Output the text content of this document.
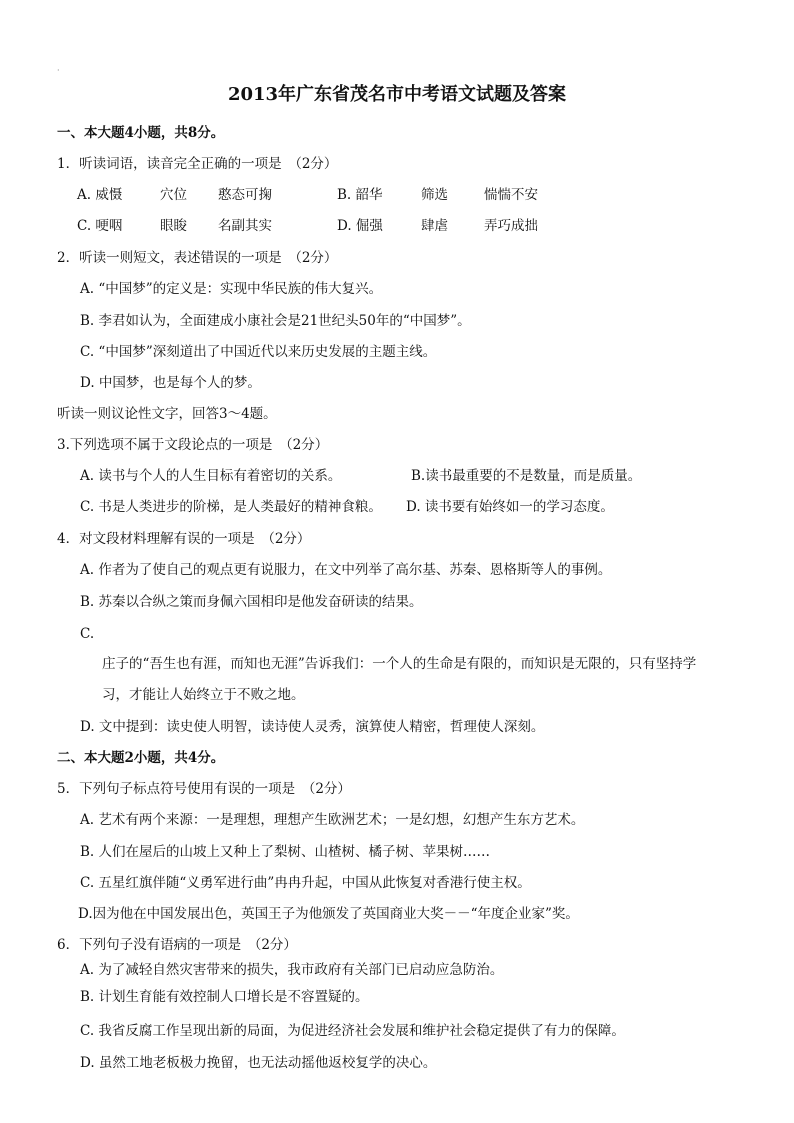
·
2013年广东省茂名市中考语文试题及答案
一、本大题4小题，共8分。
1．听读词语，读音完全正确的一项是　（2分）
A. 威慑	穴位 憨态可掬	B. 韶华	筛选	惴惴不安
C. 哽咽	眼睃 名副其实	D. 倔强	肆虐	弄巧成拙
2．听读一则短文，表述错误的一项是　（2分）
A. “中国梦”的定义是：实现中华民族的伟大复兴。
B. 李君如认为，全面建成小康社会是21世纪头50年的“中国梦”。
C. “中国梦”深刻道出了中国近代以来历史发展的主题主线。
D. 中国梦，也是每个人的梦。
听读一则议论性文字，回答3～4题。
3.下列选项不属于文段论点的一项是　（2分）
A. 读书与个人的人生目标有着密切的关系。	B.读书最重要的不是数量，而是质量。
C. 书是人类进步的阶梯，是人类最好的精神食粮。 D. 读书要有始终如一的学习态度。
4．对文段材料理解有误的一项是　（2分）
A. 作者为了使自己的观点更有说服力，在文中列举了高尔基、苏秦、恩格斯等人的事例。
B. 苏秦以合纵之策而身佩六国相印是他发奋研读的结果。
C.
庄子的“吾生也有涯，而知也无涯”告诉我们：一个人的生命是有限的，而知识是无限的，只有坚持学
习，才能让人始终立于不败之地。
D. 文中提到：读史使人明智，读诗使人灵秀，演算使人精密，哲理使人深刻。
二、本大题2小题，共4分。
5．下列句子标点符号使用有误的一项是　（2分）
A. 艺术有两个来源：一是理想，理想产生欧洲艺术；一是幻想，幻想产生东方艺术。
B. 人们在屋后的山坡上又种上了梨树、山楂树、橘子树、苹果树……
C. 五星红旗伴随“义勇军进行曲”冉冉升起，中国从此恢复对香港行使主权。
D.因为他在中国发展出色，英国王子为他颁发了英国商业大奖－－“年度企业家”奖。
6．下列句子没有语病的一项是　（2分）
A. 为了减轻自然灾害带来的损失，我市政府有关部门已启动应急防治。
B. 计划生育能有效控制人口增长是不容置疑的。
C. 我省反腐工作呈现出新的局面，为促进经济社会发展和维护社会稳定提供了有力的保障。
D. 虽然工地老板极力挽留，也无法动摇他返校复学的决心。
